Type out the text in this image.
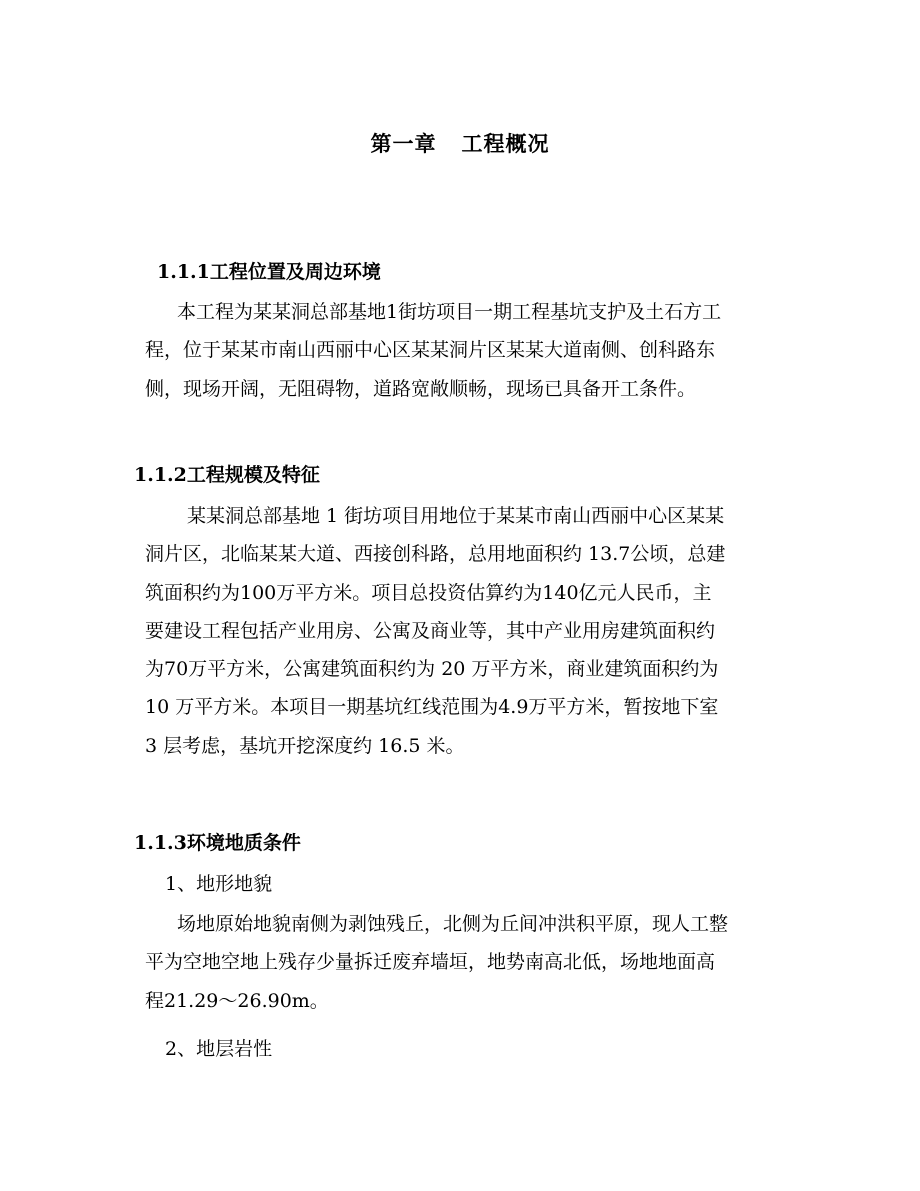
第一章   工程概况
1.1.1工程位置及周边环境
本工程为某某洞总部基地1街坊项目一期工程基坑支护及土石方工
程，位于某某市南山西丽中心区某某洞片区某某大道南侧、创科路东
侧，现场开阔，无阻碍物，道路宽敞顺畅，现场已具备开工条件。
1.1.2工程规模及特征
某某洞总部基地 1 街坊项目用地位于某某市南山西丽中心区某某
洞片区，北临某某大道、西接创科路，总用地面积约 13.7公顷，总建
筑面积约为100万平方米。项目总投资估算约为140亿元人民币，主
要建设工程包括产业用房、公寓及商业等，其中产业用房建筑面积约
为70万平方米，公寓建筑面积约为 20 万平方米，商业建筑面积约为
10 万平方米。本项目一期基坑红线范围为4.9万平方米，暂按地下室
3 层考虑，基坑开挖深度约 16.5 米。
1.1.3环境地质条件
1、地形地貌
场地原始地貌南侧为剥蚀残丘，北侧为丘间冲洪积平原，现人工整
平为空地空地上残存少量拆迁废弃墙垣，地势南高北低，场地地面高
程21.29～26.90m。
2、地层岩性
